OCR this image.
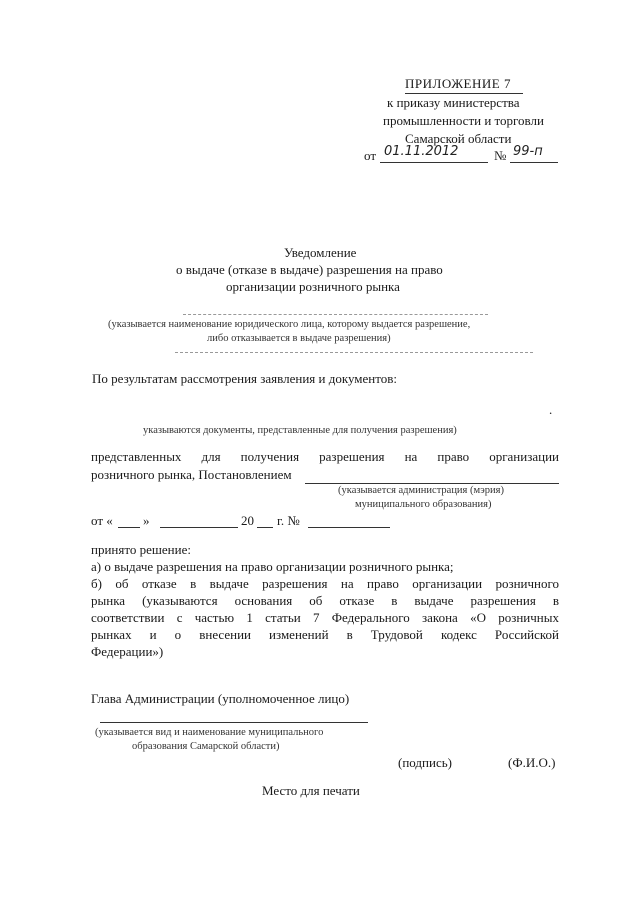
ПРИЛОЖЕНИЕ 7
к приказу министерства
промышленности и торговли
Самарской области
от 01.11.2012	№ 99-п
Уведомление
о выдаче (отказе в выдаче) разрешения на право
организации розничного рынка
(указывается наименование юридического лица, которому выдается разрешение,
либо отказывается в выдаче разрешения)
По результатам рассмотрения заявления и документов:
.
указываются документы, представленные для получения разрешения)
представленных для получения разрешения на право организации
розничного рынка, Постановлением
(указывается администрация (мэрия)
муниципального образования)
от « »	20 г. №
принято решение:
а) о выдаче разрешения на право организации розничного рынка;
б) об отказе в выдаче разрешения на право организации розничного
рынка (указываются основания об отказе в выдаче разрешения в
соответствии с частью 1 статьи 7 Федерального закона «О розничных
рынках и о внесении изменений в Трудовой кодекс Российской
Федерации»)
Глава Администрации (уполномоченное лицо)
(указывается вид и наименование муниципального
образования Самарской области)
(подпись)	(Ф.И.О.)
Место для печати
